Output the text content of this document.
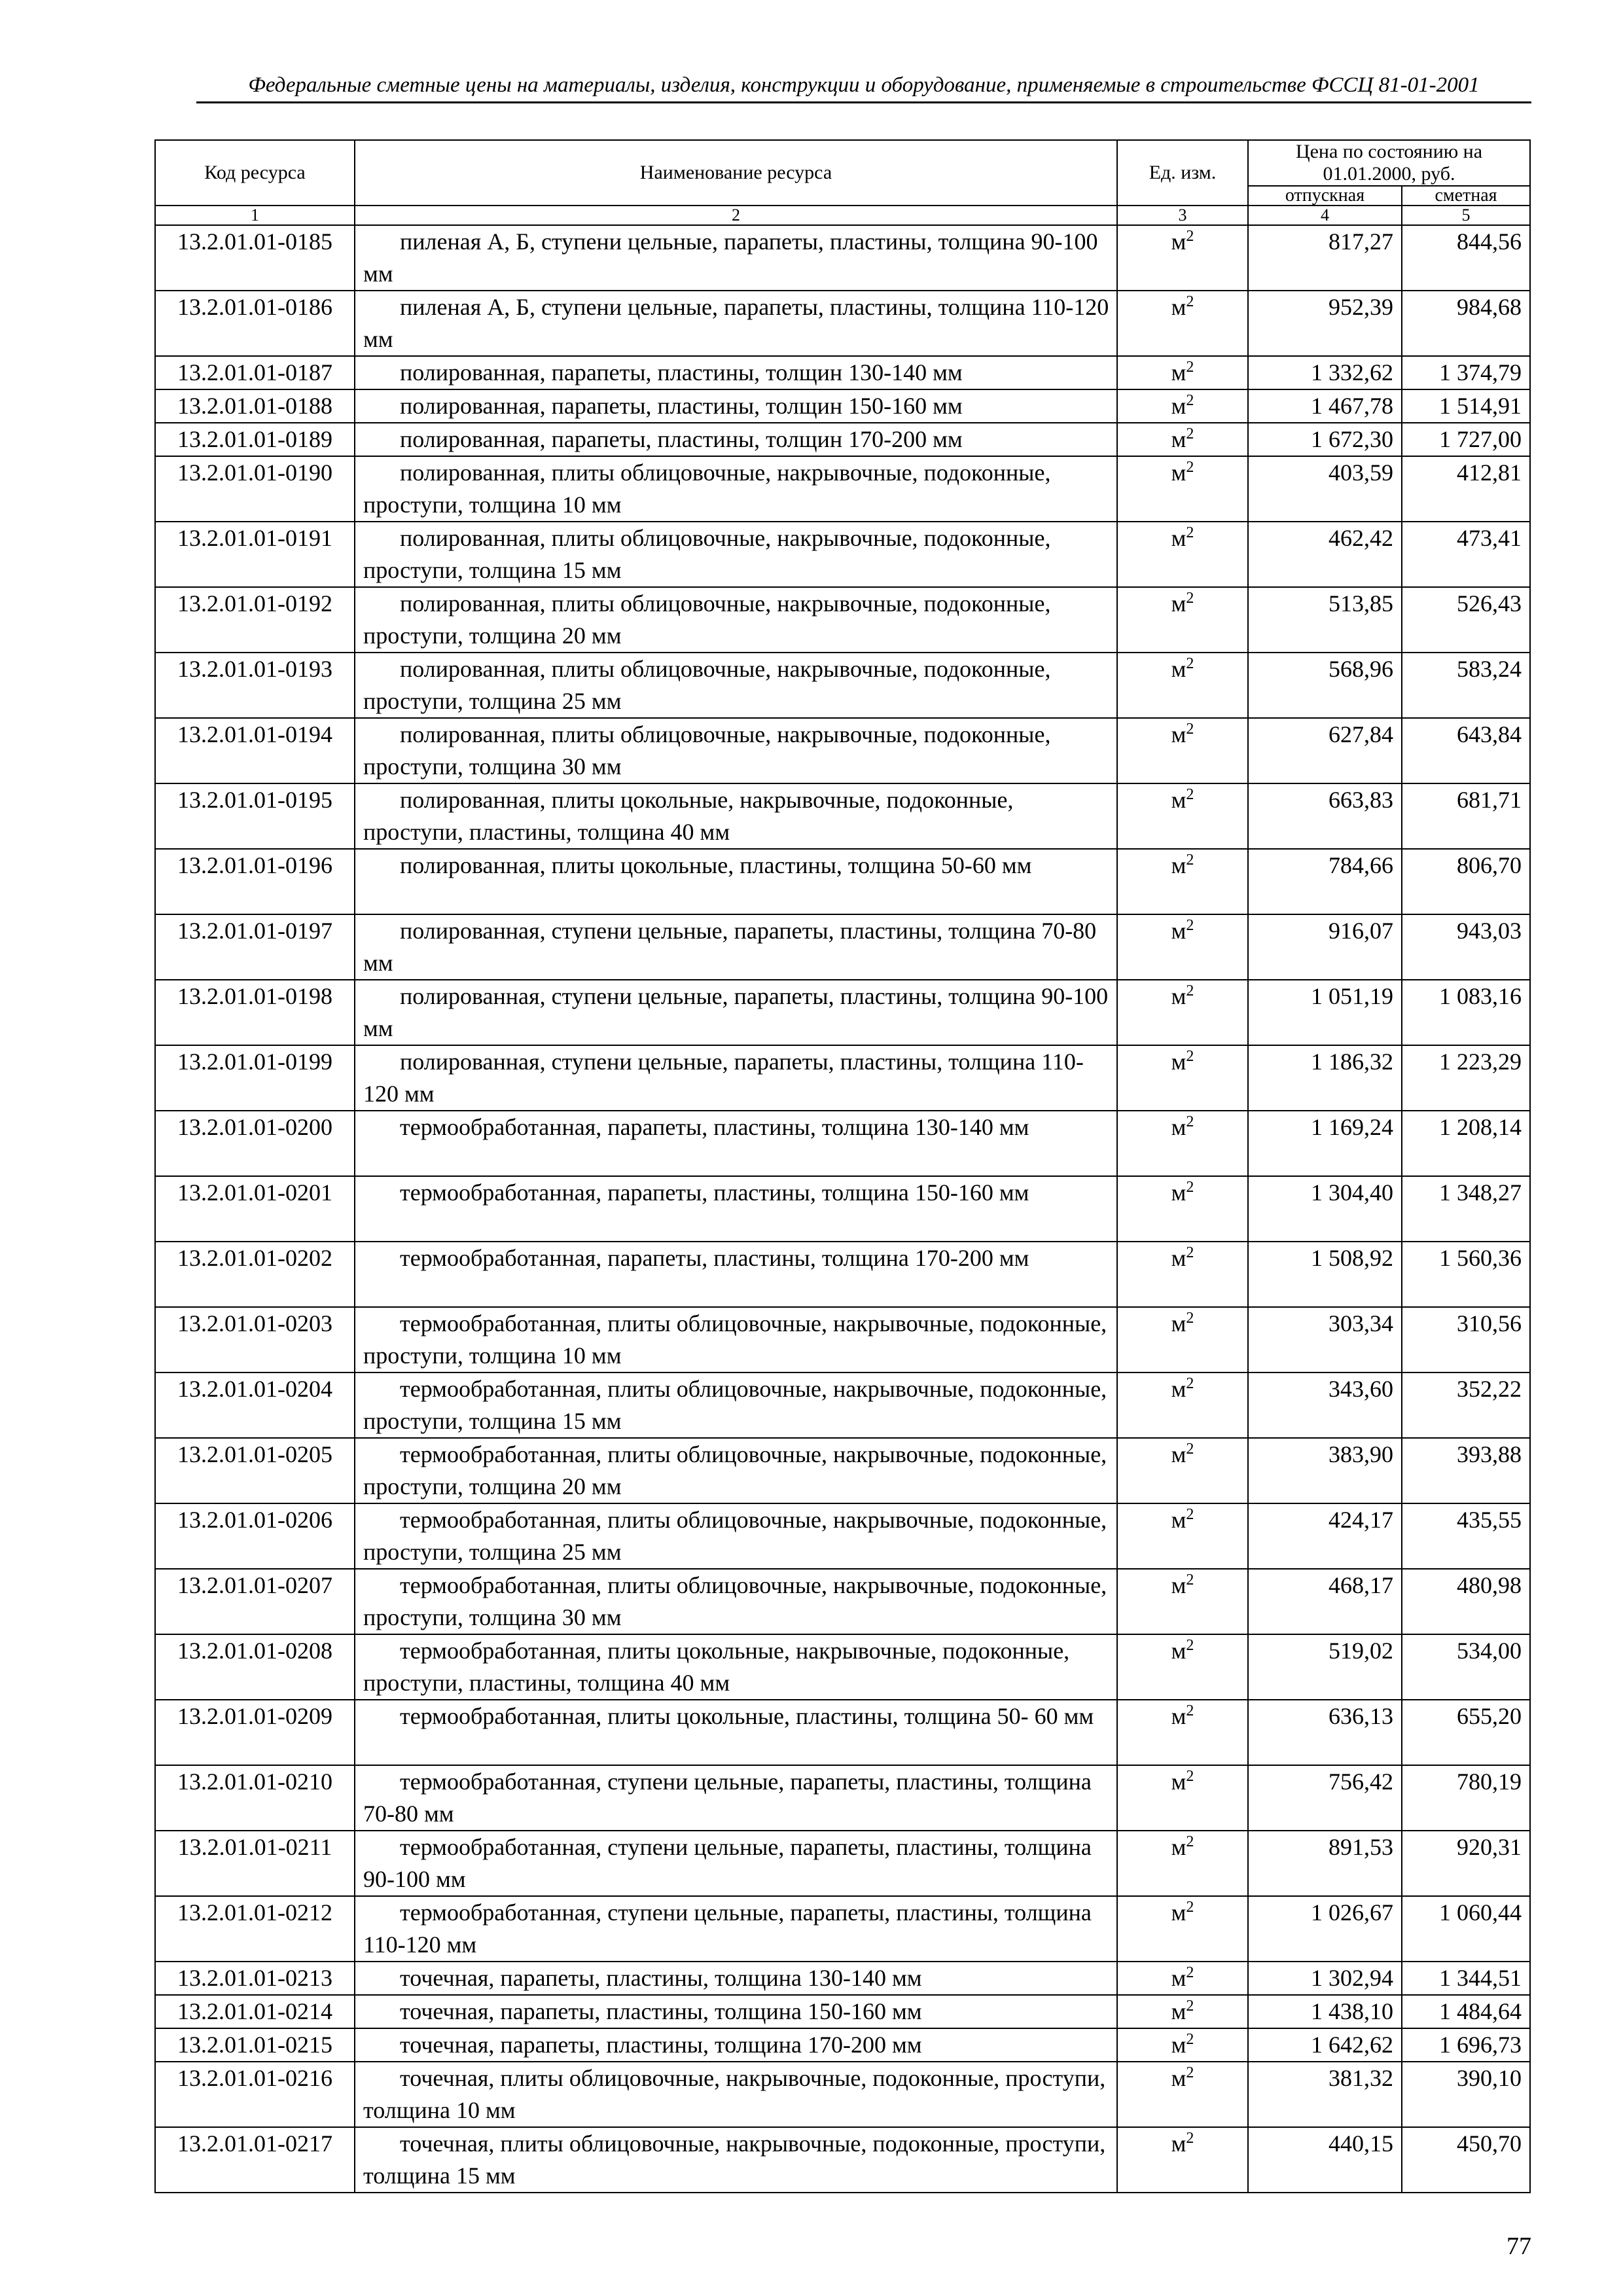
Федеральные сметные цены на материалы, изделия, конструкции и оборудование, применяемые в строительстве ФССЦ 81-01-2001
Код ресурса	Наименование ресурса	Ед. изм.	Цена по состоянию на 01.01.2000, руб.	
			отпускная	сметная
1	2	3	4	5
13.2.01.01-0185	пиленая А, Б, ступени цельные, парапеты, пластины, толщина 90-100 мм	$м^2$	817,27	844,56
13.2.01.01-0186	пиленая А, Б, ступени цельные, парапеты, пластины, толщина 110-120 мм	$м^2$	952,39	984,68
13.2.01.01-0187	полированная, парапеты, пластины, толщин 130-140 мм	$м^2$	1 332,62	1 374,79
13.2.01.01-0188	полированная, парапеты, пластины, толщин 150-160 мм	$м^2$	1 467,78	1 514,91
13.2.01.01-0189	полированная, парапеты, пластины, толщин 170-200 мм	$м^2$	1 672,30	1 727,00
13.2.01.01-0190	полированная, плиты облицовочные, накрывочные, подоконные, проступи, толщина 10 мм	$м^2$	403,59	412,81
13.2.01.01-0191	полированная, плиты облицовочные, накрывочные, подоконные, проступи, толщина 15 мм	$м^2$	462,42	473,41
13.2.01.01-0192	полированная, плиты облицовочные, накрывочные, подоконные, проступи, толщина 20 мм	$м^2$	513,85	526,43
13.2.01.01-0193	полированная, плиты облицовочные, накрывочные, подоконные, проступи, толщина 25 мм	$м^2$	568,96	583,24
13.2.01.01-0194	полированная, плиты облицовочные, накрывочные, подоконные, проступи, толщина 30 мм	$м^2$	627,84	643,84
13.2.01.01-0195	полированная, плиты цокольные, накрывочные, подоконные, проступи, пластины, толщина 40 мм	$м^2$	663,83	681,71
13.2.01.01-0196	полированная, плиты цокольные, пластины, толщина 50-60 мм	$м^2$	784,66	806,70
13.2.01.01-0197	полированная, ступени цельные, парапеты, пластины, толщина 70-80 мм	$м^2$	916,07	943,03
13.2.01.01-0198	полированная, ступени цельные, парапеты, пластины, толщина 90-100 мм	$м^2$	1 051,19	1 083,16
13.2.01.01-0199	полированная, ступени цельные, парапеты, пластины, толщина 110-120 мм	$м^2$	1 186,32	1 223,29
13.2.01.01-0200	термообработанная, парапеты, пластины, толщина 130-140 мм	$м^2$	1 169,24	1 208,14
13.2.01.01-0201	термообработанная, парапеты, пластины, толщина 150-160 мм	$м^2$	1 304,40	1 348,27
13.2.01.01-0202	термообработанная, парапеты, пластины, толщина 170-200 мм	$м^2$	1 508,92	1 560,36
13.2.01.01-0203	термообработанная, плиты облицовочные, накрывочные, подоконные, проступи, толщина 10 мм	$м^2$	303,34	310,56
13.2.01.01-0204	термообработанная, плиты облицовочные, накрывочные, подоконные, проступи, толщина 15 мм	$м^2$	343,60	352,22
13.2.01.01-0205	термообработанная, плиты облицовочные, накрывочные, подоконные, проступи, толщина 20 мм	$м^2$	383,90	393,88
13.2.01.01-0206	термообработанная, плиты облицовочные, накрывочные, подоконные, проступи, толщина 25 мм	$м^2$	424,17	435,55
13.2.01.01-0207	термообработанная, плиты облицовочные, накрывочные, подоконные, проступи, толщина 30 мм	$м^2$	468,17	480,98
13.2.01.01-0208	термообработанная, плиты цокольные, накрывочные, подоконные, проступи, пластины, толщина 40 мм	$м^2$	519,02	534,00
13.2.01.01-0209	термообработанная, плиты цокольные, пластины, толщина 50- 60 мм	$м^2$	636,13	655,20
13.2.01.01-0210	термообработанная, ступени цельные, парапеты, пластины, толщина 70-80 мм	$м^2$	756,42	780,19
13.2.01.01-0211	термообработанная, ступени цельные, парапеты, пластины, толщина 90-100 мм	$м^2$	891,53	920,31
13.2.01.01-0212	термообработанная, ступени цельные, парапеты, пластины, толщина 110-120 мм	$м^2$	1 026,67	1 060,44
13.2.01.01-0213	точечная, парапеты, пластины, толщина 130-140 мм	$м^2$	1 302,94	1 344,51
13.2.01.01-0214	точечная, парапеты, пластины, толщина 150-160 мм	$м^2$	1 438,10	1 484,64
13.2.01.01-0215	точечная, парапеты, пластины, толщина 170-200 мм	$м^2$	1 642,62	1 696,73
13.2.01.01-0216	точечная, плиты облицовочные, накрывочные, подоконные, проступи, толщина 10 мм	$м^2$	381,32	390,10
13.2.01.01-0217	точечная, плиты облицовочные, накрывочные, подоконные, проступи, толщина 15 мм	$м^2$	440,15	450,70
77
